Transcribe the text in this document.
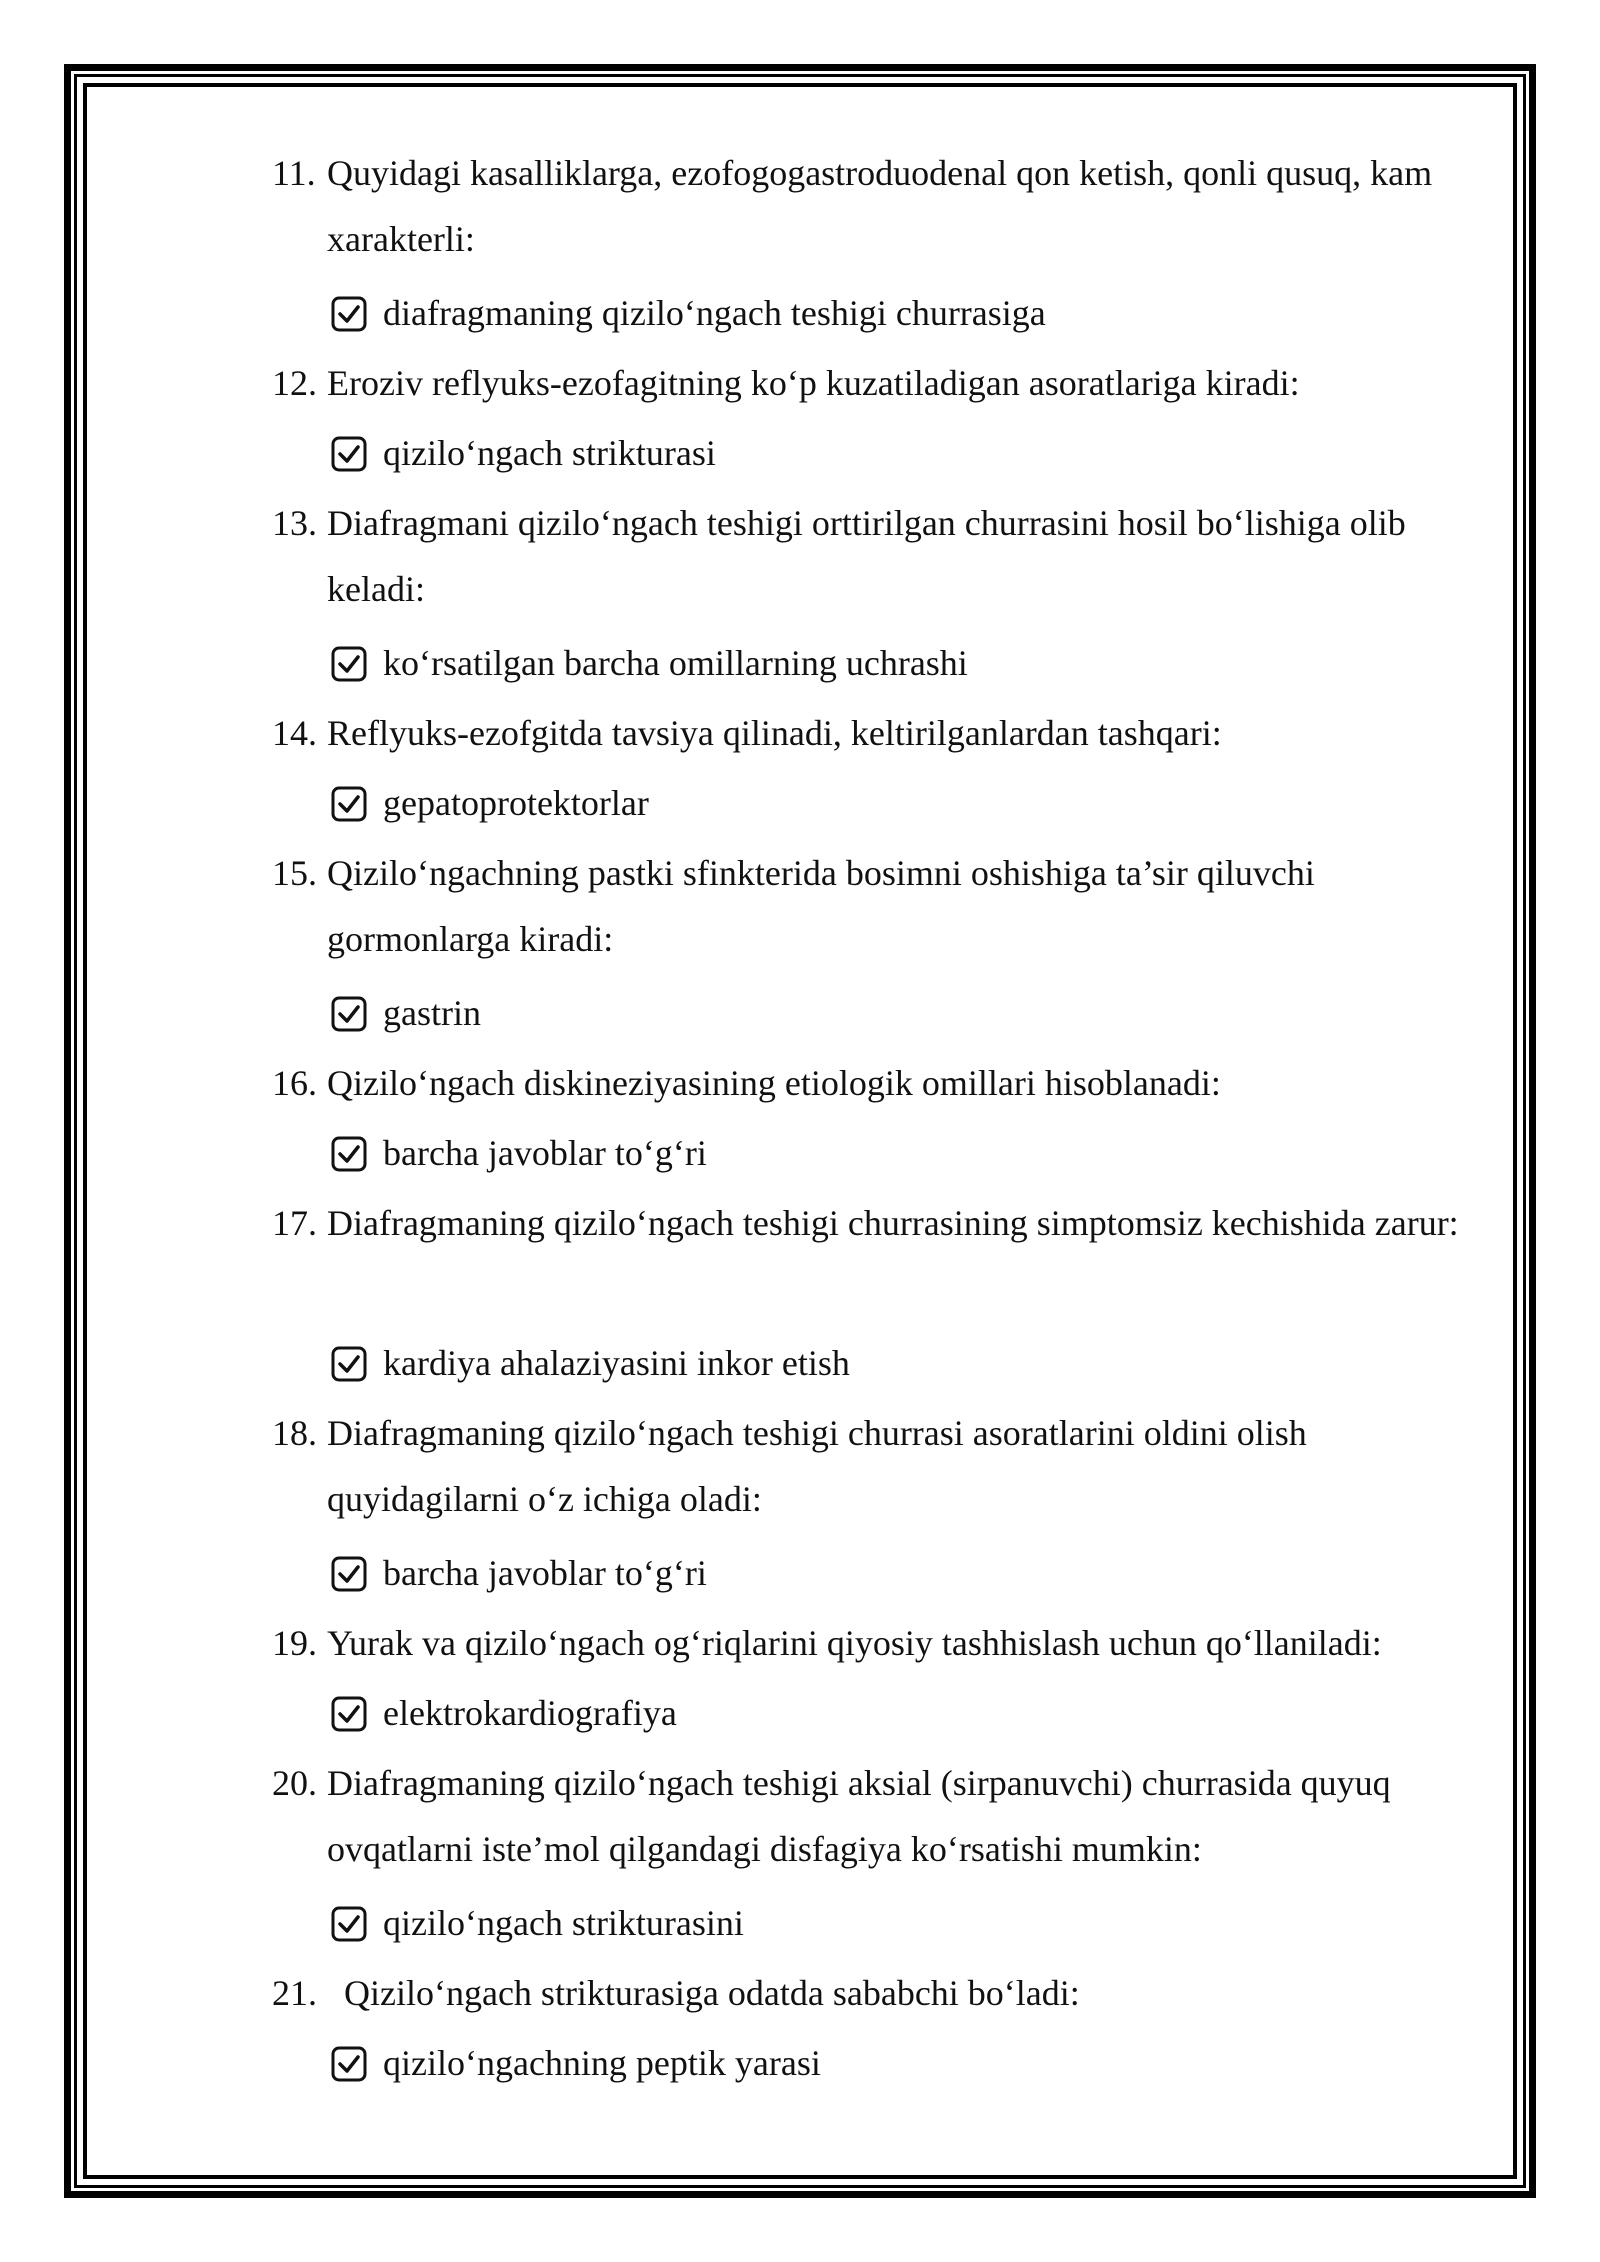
11. Quyidagi kasalliklarga, ezofogogastroduodenal qon ketish, qonli qusuq, kam xarakterli:
diafragmaning qizilo‘ngach teshigi churrasiga
12. Eroziv reflyuks-ezofagitning ko‘p kuzatiladigan asoratlariga kiradi:
qizilo‘ngach strikturasi
13. Diafragmani qizilo‘ngach teshigi orttirilgan churrasini hosil bo‘lishiga olib keladi:
ko‘rsatilgan barcha omillarning uchrashi
14. Reflyuks-ezofgitda tavsiya qilinadi, keltirilganlardan tashqari:
gepatoprotektorlar
15. Qizilo‘ngachning pastki sfinkterida bosimni oshishiga ta’sir qiluvchi gormonlarga kiradi:
gastrin
16. Qizilo‘ngach diskineziyasining etiologik omillari hisoblanadi:
barcha javoblar to‘g‘ri
17. Diafragmaning qizilo‘ngach teshigi churrasining simptomsiz kechishida zarur:
kardiya ahalaziyasini inkor etish
18. Diafragmaning qizilo‘ngach teshigi churrasi asoratlarini oldini olish quyidagilarni o‘z ichiga oladi:
barcha javoblar to‘g‘ri
19. Yurak va qizilo‘ngach og‘riqlarini qiyosiy tashhislash uchun qo‘llaniladi:
elektrokardiografiya
20. Diafragmaning qizilo‘ngach teshigi aksial (sirpanuvchi) churrasida quyuq ovqatlarni iste’mol qilgandagi disfagiya ko‘rsatishi mumkin:
qizilo‘ngach strikturasini
21. Qizilo‘ngach strikturasiga odatda sababchi bo‘ladi:
qizilo‘ngachning peptik yarasi
